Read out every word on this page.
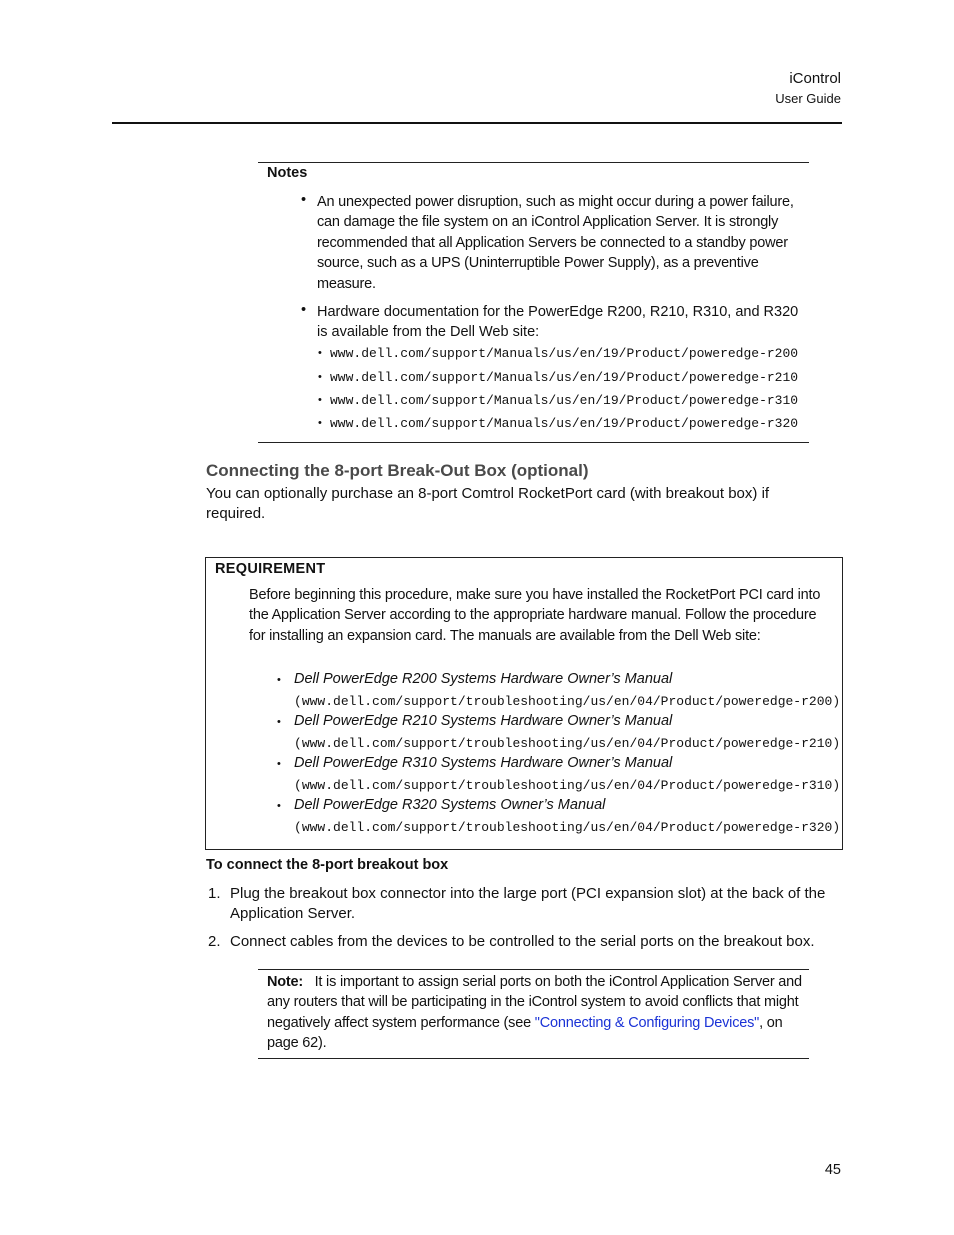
iControl
User Guide
Notes
• An unexpected power disruption, such as might occur during a power failure, can damage the file system on an iControl Application Server. It is strongly recommended that all Application Servers be connected to a standby power source, such as a UPS (Uninterruptible Power Supply), as a preventive measure.
• Hardware documentation for the PowerEdge R200, R210, R310, and R320 is available from the Dell Web site:
• www.dell.com/support/Manuals/us/en/19/Product/poweredge-r200
• www.dell.com/support/Manuals/us/en/19/Product/poweredge-r210
• www.dell.com/support/Manuals/us/en/19/Product/poweredge-r310
• www.dell.com/support/Manuals/us/en/19/Product/poweredge-r320
Connecting the 8-port Break-Out Box (optional)
You can optionally purchase an 8-port Comtrol RocketPort card (with breakout box) if required.
REQUIREMENT
Before beginning this procedure, make sure you have installed the RocketPort PCI card into the Application Server according to the appropriate hardware manual. Follow the procedure for installing an expansion card. The manuals are available from the Dell Web site:
• Dell PowerEdge R200 Systems Hardware Owner’s Manual
(www.dell.com/support/troubleshooting/us/en/04/Product/poweredge-r200)
• Dell PowerEdge R210 Systems Hardware Owner’s Manual
(www.dell.com/support/troubleshooting/us/en/04/Product/poweredge-r210)
• Dell PowerEdge R310 Systems Hardware Owner’s Manual
(www.dell.com/support/troubleshooting/us/en/04/Product/poweredge-r310)
• Dell PowerEdge R320 Systems Owner’s Manual
(www.dell.com/support/troubleshooting/us/en/04/Product/poweredge-r320)
To connect the 8-port breakout box
1. Plug the breakout box connector into the large port (PCI expansion slot) at the back of the Application Server.
2. Connect cables from the devices to be controlled to the serial ports on the breakout box.
Note: It is important to assign serial ports on both the iControl Application Server and any routers that will be participating in the iControl system to avoid conflicts that might negatively affect system performance (see "Connecting & Configuring Devices", on page 62).
45
